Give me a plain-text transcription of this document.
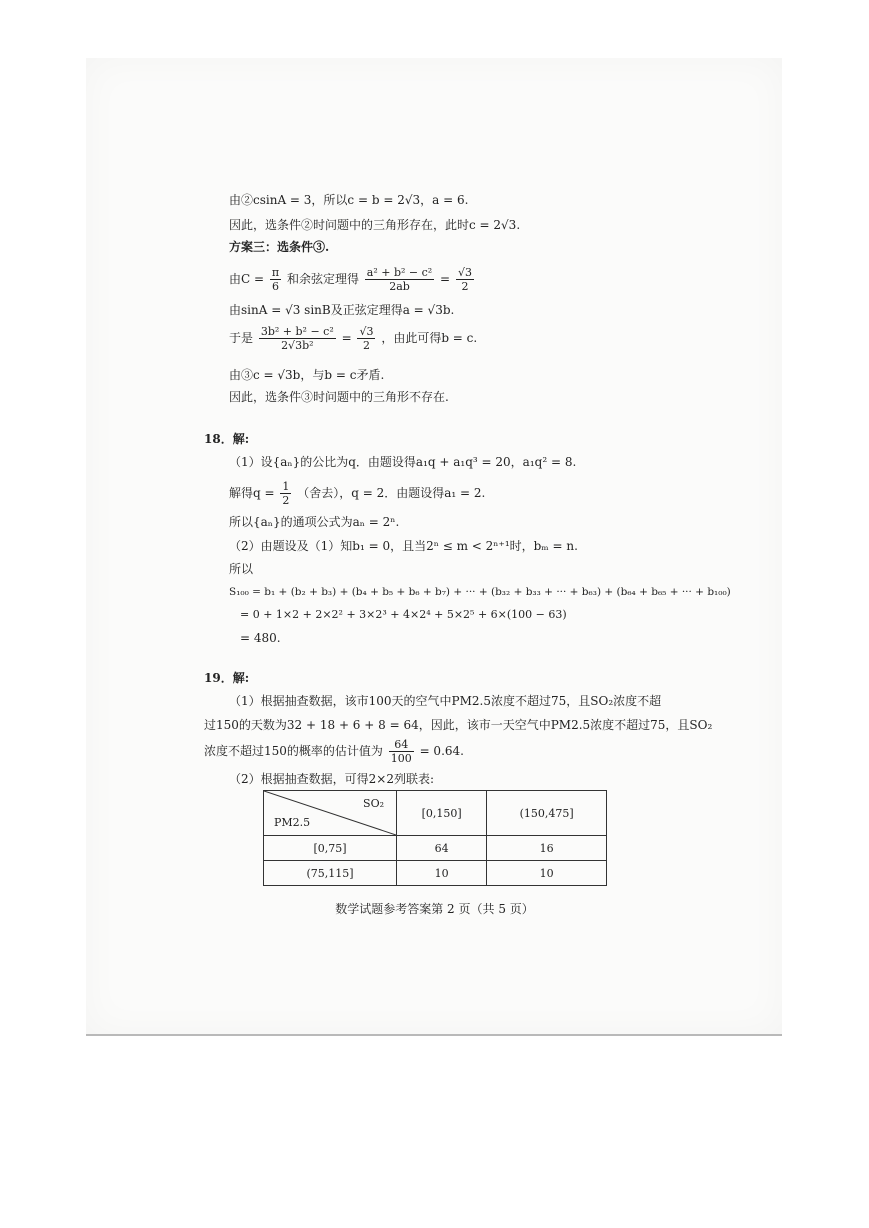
由②csinA = 3，所以c = b = 2√3，a = 6.
因此，选条件②时问题中的三角形存在，此时c = 2√3.
方案三：选条件③.
由$C = \frac{\pi}{6}$ 和余弦定理得 $\frac{\text{a² + b² − c²}}{2ab} = \frac{√3}{2}$
由sinA = √3 sinB及正弦定理得a = √3b.
于是 $\frac{\text{3b² + b² − c²}}{\text{2√3b²}} = \frac{√3}{2}$ ，由此可得b = c.
由③c = √3b，与b = c矛盾.
因此，选条件③时问题中的三角形不存在.
18．解:
（1）设{aₙ}的公比为q．由题设得a₁q + a₁q³ = 20，a₁q² = 8.
解得$q = \frac{1}{2}$ （舍去），q = 2．由题设得a₁ = 2.
所以{aₙ}的通项公式为aₙ = 2ⁿ.
（2）由题设及（1）知b₁ = 0，且当2ⁿ ≤ m < 2ⁿ⁺¹时，bₘ = n.
所以
S₁₀₀ = b₁ + (b₂ + b₃) + (b₄ + b₅ + b₆ + b₇) + ··· + (b₃₂ + b₃₃ + ··· + b₆₃) + (b₆₄ + b₆₅ + ··· + b₁₀₀)
= 0 + 1×2 + 2×2² + 3×2³ + 4×2⁴ + 5×2⁵ + 6×(100 − 63)
= 480.
19．解:
（1）根据抽查数据，该市100天的空气中PM2.5浓度不超过75，且SO₂浓度不超
过150的天数为32 + 18 + 6 + 8 = 64，因此，该市一天空气中PM2.5浓度不超过75，且SO₂
浓度不超过150的概率的估计值为 $\frac{64}{100} = 0.64$.
（2）根据抽查数据，可得2×2列联表:
SO₂
PM2.5	[0,150]	(150,475]
[0,75]	64	16
(75,115]	10	10
数学试题参考答案第 2 页（共 5 页）
